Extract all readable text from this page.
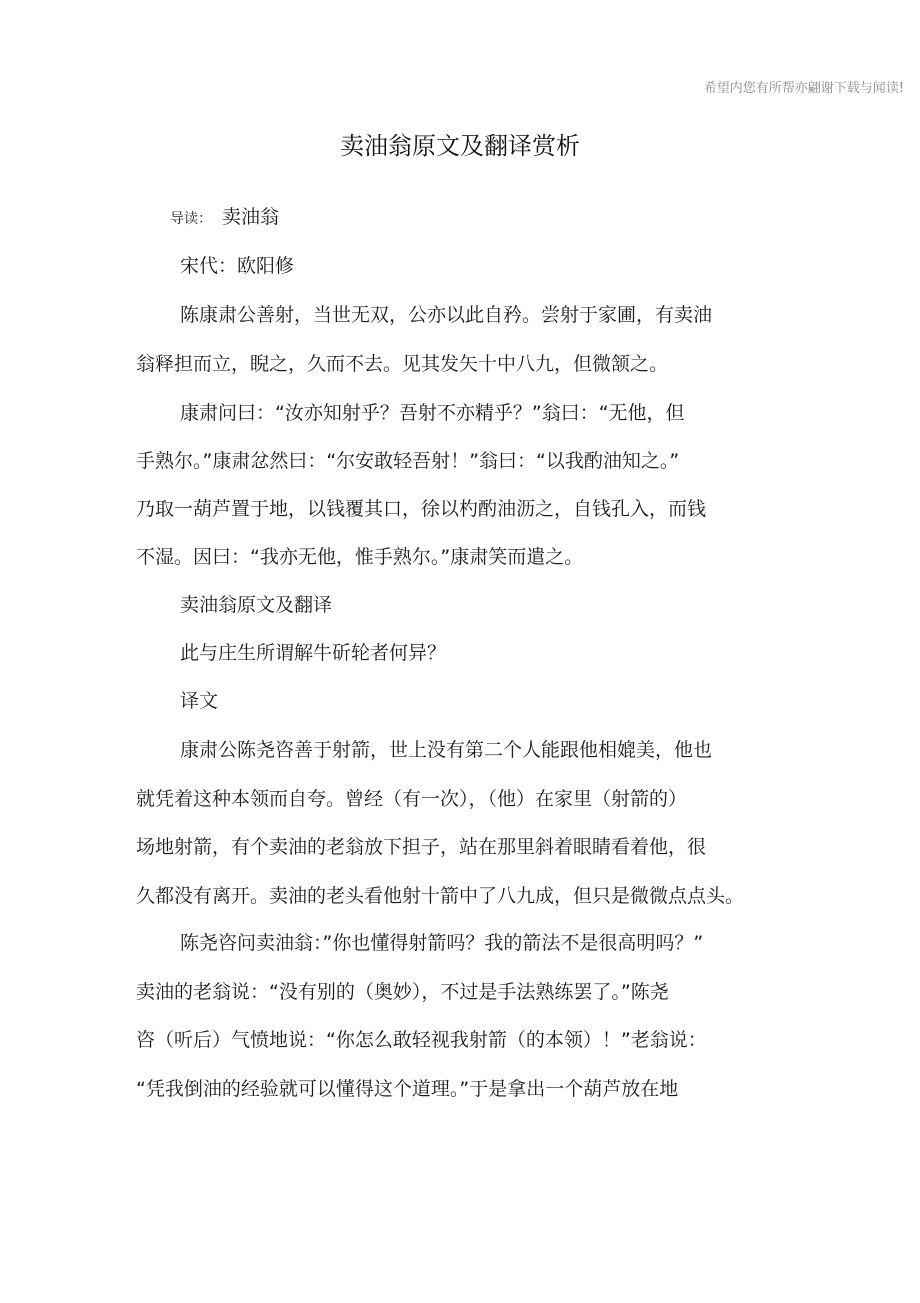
希望内您有所帮亦翩谢下载与闻读!
卖油翁原文及翻译赏析
导读： 卖油翁

宋代：欧阳修

陈康肃公善射，当世无双，公亦以此自矜。尝射于家圃，有卖油

翁释担而立，睨之，久而不去。见其发矢十中八九，但微颔之。

康肃问曰：“汝亦知射乎？吾射不亦精乎？”翁曰：“无他，但

手熟尔。”康肃忿然曰：“尔安敢轻吾射！”翁曰：“以我酌油知之。”

乃取一葫芦置于地，以钱覆其口，徐以杓酌油沥之，自钱孔入，而钱

不湿。因曰：“我亦无他，惟手熟尔。”康肃笑而遣之。

卖油翁原文及翻译

此与庄生所谓解牛斫轮者何异？

译文

康肃公陈尧咨善于射箭，世上没有第二个人能跟他相媲美，他也

就凭着这种本领而自夸。曾经（有一次），（他）在家里（射箭的）

场地射箭，有个卖油的老翁放下担子，站在那里斜着眼睛看着他，很

久都没有离开。卖油的老头看他射十箭中了八九成，但只是微微点点头。

陈尧咨问卖油翁：”你也懂得射箭吗？我的箭法不是很高明吗？”

卖油的老翁说：“没有别的（奥妙），不过是手法熟练罢了。”陈尧

咨（听后）气愤地说：“你怎么敢轻视我射箭（的本领）！”老翁说：

“凭我倒油的经验就可以懂得这个道理。”于是拿出一个葫芦放在地
